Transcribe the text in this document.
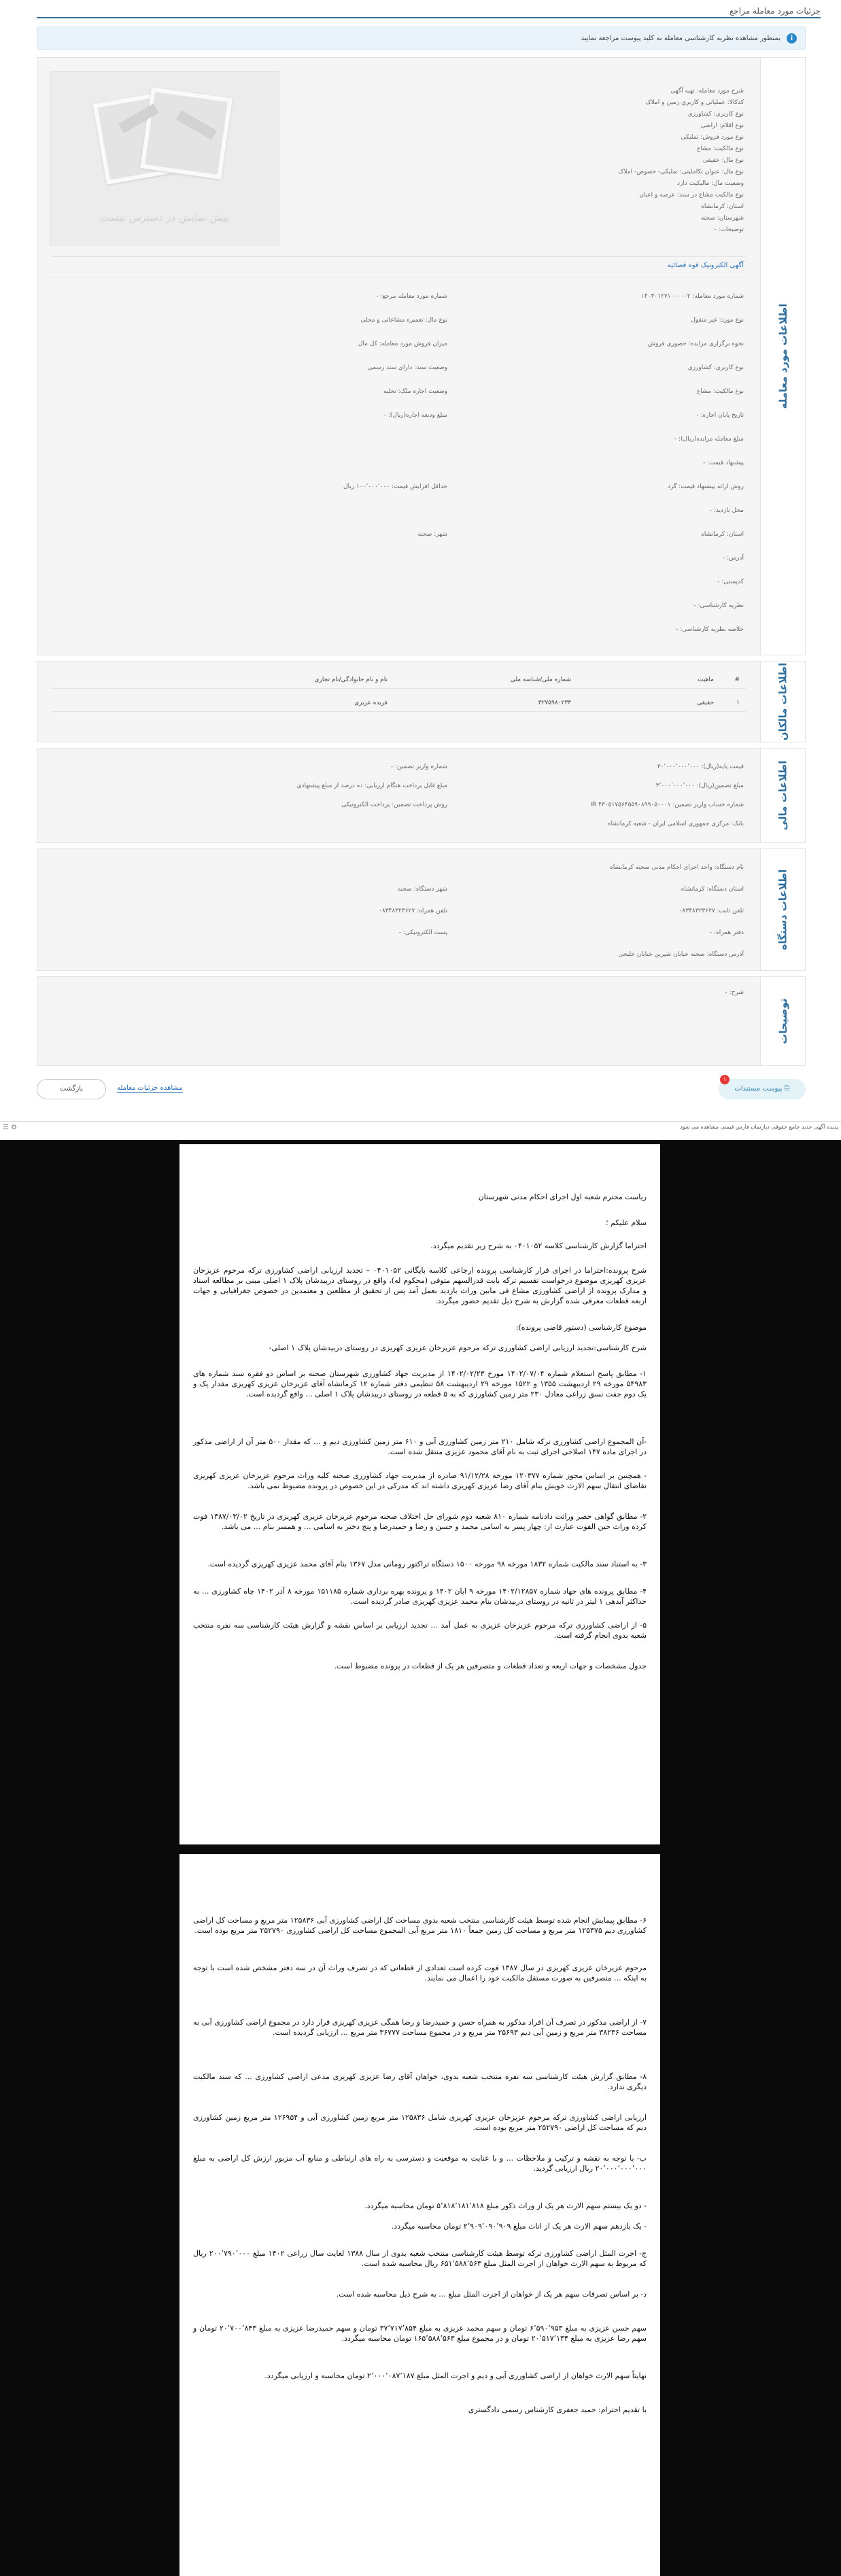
جزئیات مورد معامله مراجع
i
بمنظور مشاهده نظریه کارشناسی معامله به کلید پیوست مراجعه نمایید
اطلاعات مورد معامله
شرح مورد معامله: تهیه آگهی
کدکالا: عملیاتی و کاربری زمین و املاک
نوع کاربری: کشاورزی
نوع اقلام: اراضی
نوع مورد فروش: تملیکی
نوع مالکیت: مشاع
نوع مال: حقیقی
نوع مال: عنوان تکاملیتی: تملیکی- حصوص- املاک
وضعیت مال: مالیکیت دارد
نوع مالکیت مشاع در سند: عرصه و اعیان
استان: کرمانشاه
شهرستان: صحنه
توضیحات: -
پیش نمایش در دسترس نیست
آگهی الکترونیک قوه قضائیه
شماره مورد معامله: ۱۴۰۳۰۱۲۷۱۰۰۰۰۰۲
شماره مورد معامله مرجع: -
نوع مورد: غیر منقول
نوع مال: تعمیره مشاعاتی و محلی
نحوه برگزاری مزایده: حضوری فروش
میزان فروش مورد معامله: کل مال
نوع کاربری: کشاورزی
وضعیت سند: دارای سند رسمی
نوع مالکیت: مشاع
وضعیت اجاره ملک: تخلیه
تاریخ پایان اجاره: -
مبلغ ودیعه اجاره(ریال): -
مبلغ معامله مزایده(ریال): -
پیشنهاد قیمت: -
روش ارائه پیشنهاد قیمت: گرد
حداقل افزایش قیمت: ۱۰۰٬۰۰۰٬۰۰۰ ریال
محل بازدید: -
استان: کرمانشاه
شهر: صحنه
آدرس: -
کدپستی: -
نظریه کارشناسی: -
خلاصه نظریه کارشناسی: -
اطلاعات مالکان
#
ماهیت
شماره ملی/شناسه ملی
نام و نام خانوادگی/نام تجاری
۱
حقیقی
۳۲۷۵۹۸۰۲۳۳
فریده عزیزی
اطلاعات مالی
قیمت پایه(ریال): ۳۰٬۰۰۰٬۰۰۰٬۰۰۰
شماره واریز تضمین: -
مبلغ تضمین(ریال): ۳٬۰۰۰٬۰۰۰٬۰۰۰
مبلغ قابل پرداخت هنگام ارزیابی: ده درصد از مبلغ پیشنهادی
شماره حساب واریز تضمین: ۴۳۰۵۱۷۵۶۴۵۵۹۰۸۹۹۰۵۰۰۰۱ IR
روش پرداخت تضمین: پرداخت الکترونیکی
بانک: مرکزی جمهوری اسلامی ایران - شعبه کرمانشاه
اطلاعات دستگاه
نام دستگاه: واحد اجرای احکام مدنی صحنه کرمانشاه
استان دستگاه: کرمانشاه
شهر دستگاه: صحنه
تلفن ثابت: ۰۸۳۴۸۳۲۳۶۲۷
تلفن همراه: ۰۸۳۴۸۳۲۳۶۲۷
دفتر همراه: -
پست الکترونیکی: -
آدرس دستگاه: صحنه خیابان شیرین خیابان خلیجی
توضیحات
شرح: -
⎘ پیوست مستندات
۱
مشاهده جزئیات معامله
بازگشت
پدیده آگهی جدید جامع حقوقی دپارتمان فارس قیمتی مشاهده می شود
⚙ ☰

ریاست محترم شعبه اول اجرای احکام مدنی شهرستان

سلام علیکم ؛

احتراما گزارش کارشناسی کلاسه ۰۴۰۱۰۵۲ به شرح زیر تقدیم میگردد.

شرح پرونده:احتراما در اجرای قرار کارشناسی پرونده ارجاعی کلاسه بایگانی ۰۴۰۱۰۵۲ – تجدید ارزیابی اراضی کشاورزی ترکه مرحوم عزیزخان عزیزی کهریزی موضوع درخواست تقسیم ترکه بابت قدرالسهم متوفی (محکوم له)، واقع در روستای دربیدشان پلاک ۱ اصلی مبنی بر مطالعه اسناد و مدارک پرونده از اراضی کشاورزی مشاع فی مابین وراث بازدید بعمل آمد پس از تحقیق از مطلعین و معتمدین در خصوص جغرافیایی و جهات اربعه قطعات معرفی شده گزارش به شرح ذیل تقدیم حضور میگردد.

موضوع کارشناسی (دستور قاضی پرونده):

شرح کارشناسی:تجدید ارزیابی اراضی کشاورزی ترکه مرحوم عزیزخان عزیزی کهریزی در روستای دربیدشان پلاک ۱ اصلی-

۱- مطابق پاسخ استعلام شماره ۱۴۰۲/۰۷/۰۴ مورخ ۱۴۰۲/۰۲/۲۳ از مدیریت جهاد کشاورزی شهرستان صحنه بر اساس دو فقره سند شماره های ۵۴۹۸۳ مورخه ۲۹ اردیبهشت ۱۳۵۵ و ۱۵۲۲ مورخه ۲۹ اردیبهشت ۵۸ تنظیمی دفتر شماره ۱۲ کرمانشاه آقای عزیزخان عزیزی کهریزی مقدار یک و یک دوم جفت نسق زراعی معادل ۲۳۰ متر زمین کشاورزی که به ۵ قطعه در روستای دربیدشان پلاک ۱ اصلی ... واقع گردیده است.

-آن المجموع اراضی کشاورزی ترکه شامل ۲۱۰ متر زمین کشاورزی آبی و ۶۱۰ متر زمین کشاورزی دیم و ... که مقدار ۵۰۰ متر آن از اراضی مذکور در اجرای ماده ۱۴۷ اصلاحی اجرای ثبت به نام آقای محمود عزیزی منتقل شده است.

- همچنین بر اساس مجوز شماره ۱۲۰۳۷۷ مورخه ۹۱/۱۲/۲۸ صادره از مدیریت جهاد کشاورزی صحنه کلیه وراث مرحوم عزیزخان عزیزی کهریزی تقاضای انتقال سهم الارث خویش بنام آقای رضا عزیزی کهریزی داشته اند که مدرکی در این خصوص در پرونده مضبوط نمی باشد.

۲- مطابق گواهی حصر وراثت دادنامه شماره ۸۱۰ شعبه دوم شورای حل اختلاف صحنه مرحوم عزیزخان عزیزی کهریزی در تاریخ ۱۳۸۷/۰۳/۰۲ فوت کرده وراث حین الفوت عبارت از: چهار پسر به اسامی محمد و حسن و رضا و حمیدرضا و پنج دختر به اسامی ... و همسر بنام ... می باشد.

۳- به استناد سند مالکیت شماره ۱۸۳۲ مورخه ۹۸ مورخه ۱۵۰۰ دستگاه تراکتور رومانی مدل ۱۳۶۷ بنام آقای محمد عزیزی کهریزی گردیده است.

۴- مطابق پرونده های جهاد شماره ۱۴۰۲/۱۲۸۵۷ مورخه ۹ ابان ۱۴۰۲ و پرونده بهره برداری شماره ۱۵۱۱۸۵ مورخه ۸ آذر ۱۴۰۲ چاه کشاورزی ... به حداکثر آبدهی ۱ لیتر در ثانیه در روستای دربیدشان بنام محمد عزیزی کهریزی صادر گردیده است.

۵- از اراضی کشاورزی ترکه مرحوم عزیزخان عزیزی به عمل آمد ... تجدید ارزیابی بر اساس نقشه و گزارش هیئت کارشناسی سه نفره منتخب شعبه بدوی انجام گرفته است.

جدول مشخصات و جهات اربعه و تعداد قطعات و متصرفین هر یک از قطعات در پرونده مضبوط است.

۶- مطابق پیمایش انجام شده توسط هیئت کارشناسی منتخب شعبه بدوی مساحت کل اراضی کشاورزی آبی ۱۲۵۸۳۶ متر مربع و مساحت کل اراضی کشاورزی دیم ۱۲۵۳۷۵ متر مربع و مساحت کل زمین جمعاً ۱۸۱۰ متر مربع آبی المجموع مساحت کل اراضی کشاورزی ۲۵۲۷۹۰ متر مربع بوده است.

مرحوم عزیزخان عزیزی کهریزی در سال ۱۳۸۷ فوت کرده است تعدادی از قطعاتی که در تصرف وراث آن در سه دفتر مشخص شده است با توجه به اینکه ... متصرفین به صورت مستقل مالکیت خود را اعمال می نمایند.

۷- از اراضی مذکور در تصرف آن افراد مذکور به همراه حسن و حمیدرضا و رضا همگی عزیزی کهریزی قرار دارد در مجموع اراضی کشاورزی آبی به مساحت ۳۸۲۳۶ متر مربع و زمین آبی دیم ۲۵۶۹۳ متر مربع و در مجموع مساحت ۳۶۷۷۷ متر مربع ... ارزیابی گردیده است.

۸- مطابق گزارش هیئت کارشناسی سه نفره منتخب شعبه بدوی، خواهان آقای رضا عزیزی کهریزی مدعی اراضی کشاورزی ... که سند مالکیت دیگری ندارد.

ارزیابی اراضی کشاورزی ترکه مرحوم عزیزخان عزیزی کهریزی شامل ۱۲۵۸۳۶ متر مربع زمین کشاورزی آبی و ۱۲۶۹۵۴ متر مربع زمین کشاورزی دیم که مساحت کل اراضی ۲۵۲۷۹۰ متر مربع بوده است.

ب- با توجه به نقشه و ترکیب و ملاحظات ... و با عنایت به موقعیت و دسترسی به راه های ارتباطی و منابع آب مزبور ارزش کل اراضی به مبلغ ۲۰٬۰۰۰٬۰۰۰٬۰۰۰ ریال ارزیابی گردید.

- دو یک بیستم سهم الارث هر یک از وراث ذکور مبلغ ۵٬۸۱۸٬۱۸۱٬۸۱۸ تومان محاسبه میگردد.

- یک یازدهم سهم الارث هر یک از اناث مبلغ ۲٬۹۰۹٬۰۹۰٬۹۰۹ تومان محاسبه میگردد.

ج- اجرت المثل اراضی کشاورزی ترکه توسط هیئت کارشناسی منتخب شعبه بدوی از سال ۱۳۸۸ لغایت سال زراعی ۱۴۰۲ مبلغ ۲۰۰٬۷۹۰٬۰۰۰ ریال که مربوط به سهم الارث خواهان از اجرت المثل مبلغ ۶۵۱٬۵۸۸٬۵۶۳ ریال محاسبه شده است.

د- بر اساس تصرفات سهم هر یک از خواهان از اجرت المثل مبلغ ... به شرح ذیل محاسبه شده است.

سهم حسن عزیزی به مبلغ ۶٬۵۹۰٬۹۵۳ تومان و سهم محمد عزیزی به مبلغ ۳۷٬۷۱۷٬۸۵۴ تومان و سهم حمیدرضا عزیزی به مبلغ ۲۰٬۷۰۰٬۸۴۳ تومان و سهم رضا عزیزی به مبلغ ۲۰٬۵۱۷٬۱۳۴ تومان و در مجموع مبلغ ۱۶۵٬۵۸۸٬۵۶۳ تومان محاسبه میگردد.

نهایتاً سهم الارث خواهان از اراضی کشاورزی آبی و دیم و اجرت المثل مبلغ ۲٬۰۰۰٬۰۸۷٬۱۸۷ تومان محاسبه و ارزیابی میگردد.

با تقدیم احترام: حمید جعفری کارشناس رسمی دادگستری
